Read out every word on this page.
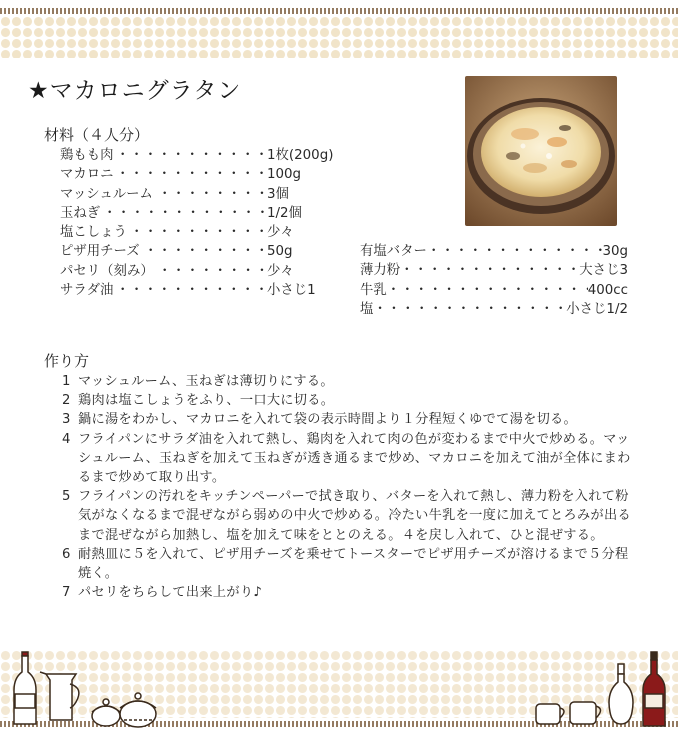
★マカロニグラタン
材料（４人分）
鶏もも肉 ・・・・・・・・・・・・・・・・・・・・・・・・・・・・・	1枚(200g)
マカロニ ・・・・・・・・・・・・・・・・・・・・・・・・・・・・・	100g
マッシュルーム ・・・・・・・・・・・・・・・・・・・・・・・・・・・・・	3個
玉ねぎ ・・・・・・・・・・・・・・・・・・・・・・・・・・・・・	1/2個
塩こしょう ・・・・・・・・・・・・・・・・・・・・・・・・・・・・・	少々
ピザ用チーズ ・・・・・・・・・・・・・・・・・・・・・・・・・・・・・	50g
パセリ（刻み） ・・・・・・・・・・・・・・・・・・・・・・・・・・・・・	少々
サラダ油 ・・・・・・・・・・・・・・・・・・・・・・・・・・・・・	小さじ1
有塩バター ・・・・・・・・・・・・・・・・・・・・・・・・・・・・・	30g
薄力粉 ・・・・・・・・・・・・・・・・・・・・・・・・・・・・・	大さじ3
牛乳 ・・・・・・・・・・・・・・・・・・・・・・・・・・・・・	400cc
塩 ・・・・・・・・・・・・・・・・・・・・・・・・・・・・・	小さじ1/2
作り方
1 マッシュルーム、玉ねぎは薄切りにする。
2 鶏肉は塩こしょうをふり、一口大に切る。
3 鍋に湯をわかし、マカロニを入れて袋の表示時間より１分程短くゆでて湯を切る。
4 フライパンにサラダ油を入れて熱し、鶏肉を入れて肉の色が変わるまで中火で炒める。マッシュルーム、玉ねぎを加えて玉ねぎが透き通るまで炒め、マカロニを加えて油が全体にまわるまで炒めて取り出す。
5 フライパンの汚れをキッチンペーパーで拭き取り、バターを入れて熱し、薄力粉を入れて粉気がなくなるまで混ぜながら弱めの中火で炒める。冷たい牛乳を一度に加えてとろみが出るまで混ぜながら加熱し、塩を加えて味をととのえる。４を戻し入れて、ひと混ぜする。
6 耐熱皿に５を入れて、ピザ用チーズを乗せてトースターでピザ用チーズが溶けるまで５分程焼く。
7 パセリをちらして出来上がり♪
